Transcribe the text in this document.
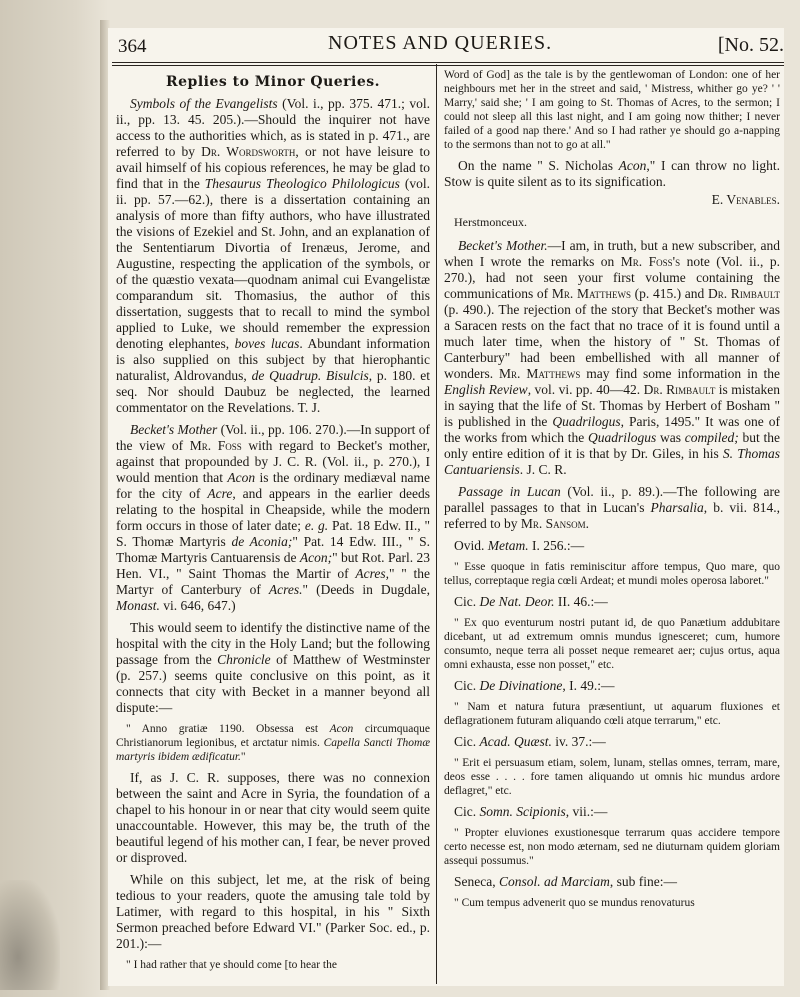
364	NOTES AND QUERIES.	[No. 52.

Replies to Minor Queries.

Symbols of the Evangelists (Vol. i., pp. 375. 471.; vol. ii., pp. 13. 45. 205.).—Should the inquirer not have access to the authorities which, as is stated in p. 471., are referred to by Dr. Wordsworth, or not have leisure to avail himself of his copious references, he may be glad to find that in the Thesaurus Theologico Philologicus (vol. ii. pp. 57.—62.), there is a dissertation containing an analysis of more than fifty authors, who have illustrated the visions of Ezekiel and St. John, and an explanation of the Sententiarum Divortia of Irenæus, Jerome, and Augustine, respecting the application of the symbols, or of the quæstio vexata—quodnam animal cui Evangelistæ comparandum sit. Thomasius, the author of this dissertation, suggests that to recall to mind the symbol applied to Luke, we should remember the expression denoting elephantes, boves lucas. Abundant information is also supplied on this subject by that hierophantic naturalist, Aldrovandus, de Quadrup. Bisulcis, p. 180. et seq. Nor should Daubuz be neglected, the learned commentator on the Revelations. T. J.

Becket's Mother (Vol. ii., pp. 106. 270.).—In support of the view of Mr. Foss with regard to Becket's mother, against that propounded by J. C. R. (Vol. ii., p. 270.), I would mention that Acon is the ordinary mediæval name for the city of Acre, and appears in the earlier deeds relating to the hospital in Cheapside, while the modern form occurs in those of later date; e. g. Pat. 18 Edw. II., " S. Thomæ Martyris de Aconia;" Pat. 14 Edw. III., " S. Thomæ Martyris Cantuarensis de Acon;" but Rot. Parl. 23 Hen. VI., " Saint Thomas the Martir of Acres," " the Martyr of Canterbury of Acres." (Deeds in Dugdale, Monast. vi. 646, 647.)

This would seem to identify the distinctive name of the hospital with the city in the Holy Land; but the following passage from the Chronicle of Matthew of Westminster (p. 257.) seems quite conclusive on this point, as it connects that city with Becket in a manner beyond all dispute:—

" Anno gratiæ 1190. Obsessa est Acon circumquaque Christianorum legionibus, et arctatur nimis. Capella Sancti Thomæ martyris ibidem ædificatur."

If, as J. C. R. supposes, there was no connexion between the saint and Acre in Syria, the foundation of a chapel to his honour in or near that city would seem quite unaccountable. However, this may be, the truth of the beautiful legend of his mother can, I fear, be never proved or disproved.

While on this subject, let me, at the risk of being tedious to your readers, quote the amusing tale told by Latimer, with regard to this hospital, in his " Sixth Sermon preached before Edward VI." (Parker Soc. ed., p. 201.):—

" I had rather that ye should come [to hear the

Word of God] as the tale is by the gentlewoman of London: one of her neighbours met her in the street and said, ' Mistress, whither go ye? ' ' Marry,' said she; ' I am going to St. Thomas of Acres, to the sermon; I could not sleep all this last night, and I am going now thither; I never failed of a good nap there.' And so I had rather ye should go a-napping to the sermons than not to go at all."

On the name " S. Nicholas Acon," I can throw no light. Stow is quite silent as to its signification.

E. Venables.

Herstmonceux.

Becket's Mother.—I am, in truth, but a new subscriber, and when I wrote the remarks on Mr. Foss's note (Vol. ii., p. 270.), had not seen your first volume containing the communications of Mr. Matthews (p. 415.) and Dr. Rimbault (p. 490.). The rejection of the story that Becket's mother was a Saracen rests on the fact that no trace of it is found until a much later time, when the history of " St. Thomas of Canterbury" had been embellished with all manner of wonders. Mr. Matthews may find some information in the English Review, vol. vi. pp. 40—42. Dr. Rimbault is mistaken in saying that the life of St. Thomas by Herbert of Bosham " is published in the Quadrilogus, Paris, 1495." It was one of the works from which the Quadrilogus was compiled; but the only entire edition of it is that by Dr. Giles, in his S. Thomas Cantuariensis. J. C. R.

Passage in Lucan (Vol. ii., p. 89.).—The following are parallel passages to that in Lucan's Pharsalia, b. vii. 814., referred to by Mr. Sansom.

Ovid. Metam. I. 256.:—

" Esse quoque in fatis reminiscitur affore tempus, Quo mare, quo tellus, correptaque regia cœli Ardeat; et mundi moles operosa laboret."

Cic. De Nat. Deor. II. 46.:—

" Ex quo eventurum nostri putant id, de quo Panætium addubitare dicebant, ut ad extremum omnis mundus ignesceret; cum, humore consumto, neque terra ali posset neque remearet aer; cujus ortus, aqua omni exhausta, esse non posset," etc.

Cic. De Divinatione, I. 49.:—

" Nam et natura futura præsentiunt, ut aquarum fluxiones et deflagrationem futuram aliquando cœli atque terrarum," etc.

Cic. Acad. Quæst. iv. 37.:—

" Erit ei persuasum etiam, solem, lunam, stellas omnes, terram, mare, deos esse . . . . fore tamen aliquando ut omnis hic mundus ardore deflagret," etc.

Cic. Somn. Scipionis, vii.:—

" Propter eluviones exustionesque terrarum quas accidere tempore certo necesse est, non modo æternam, sed ne diuturnam quidem gloriam assequi possumus."

Seneca, Consol. ad Marciam, sub fine:—

" Cum tempus advenerit quo se mundus renovaturus
